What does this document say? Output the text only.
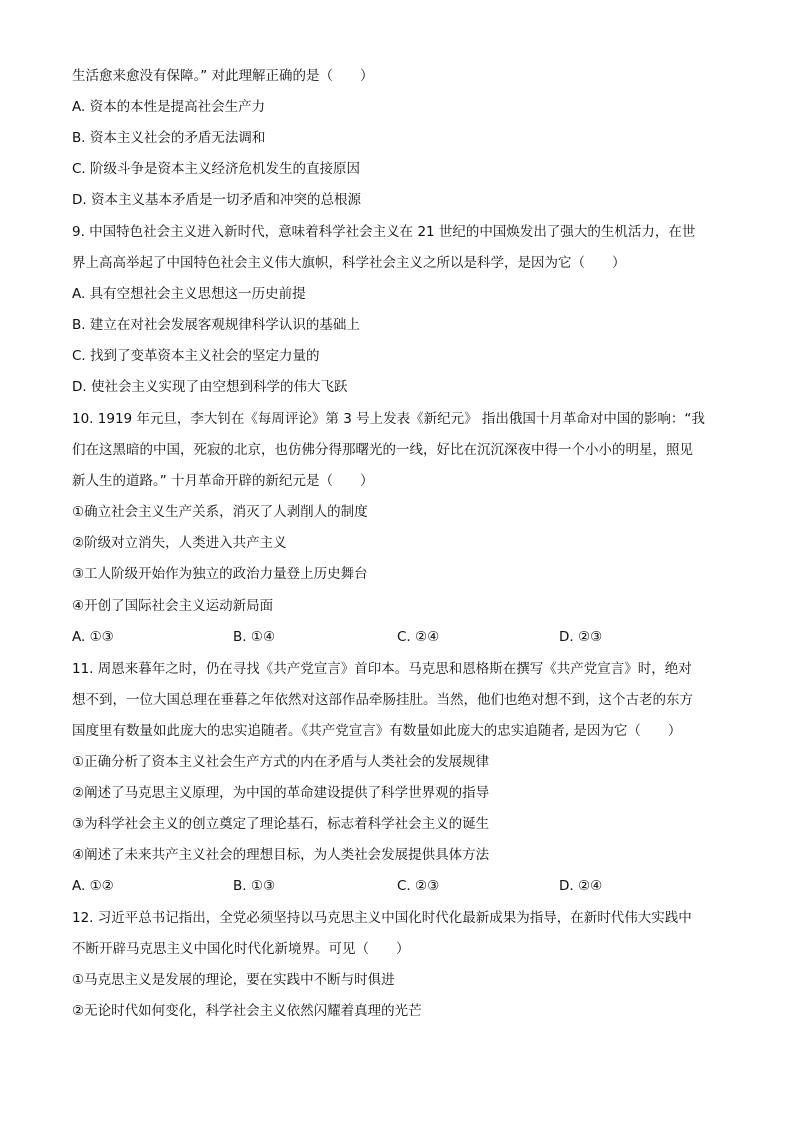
生活愈来愈没有保障。” 对此理解正确的是（　　）
A. 资本的本性是提高社会生产力
B. 资本主义社会的矛盾无法调和
C. 阶级斗争是资本主义经济危机发生的直接原因
D. 资本主义基本矛盾是一切矛盾和冲突的总根源
9. 中国特色社会主义进入新时代，意味着科学社会主义在 21 世纪的中国焕发出了强大的生机活力，在世
界上高高举起了中国特色社会主义伟大旗帜，科学社会主义之所以是科学，是因为它（　　）
A. 具有空想社会主义思想这一历史前提
B. 建立在对社会发展客观规律科学认识的基础上
C. 找到了变革资本主义社会的坚定力量的
D. 使社会主义实现了由空想到科学的伟大飞跃
10. 1919 年元旦，李大钊在《每周评论》第 3 号上发表《新纪元》 指出俄国十月革命对中国的影响：“我
们在这黑暗的中国，死寂的北京，也仿佛分得那曙光的一线，好比在沉沉深夜中得一个小小的明星，照见
新人生的道路。” 十月革命开辟的新纪元是（　　）
①确立社会主义生产关系，消灭了人剥削人的制度
②阶级对立消失，人类进入共产主义
③工人阶级开始作为独立的政治力量登上历史舞台
④开创了国际社会主义运动新局面
A. ①③	B. ①④	C. ②④	D. ②③
11. 周恩来暮年之时，仍在寻找《共产党宣言》首印本。马克思和恩格斯在撰写《共产党宣言》时，绝对
想不到，一位大国总理在垂暮之年依然对这部作品牵肠挂肚。当然，他们也绝对想不到，这个古老的东方
国度里有数量如此庞大的忠实追随者。《共产党宣言》有数量如此庞大的忠实追随者, 是因为它（　　）
①正确分析了资本主义社会生产方式的内在矛盾与人类社会的发展规律
②阐述了马克思主义原理，为中国的革命建设提供了科学世界观的指导
③为科学社会主义的创立奠定了理论基石，标志着科学社会主义的诞生
④阐述了未来共产主义社会的理想目标，为人类社会发展提供具体方法
A. ①②	B. ①③	C. ②③	D. ②④
12. 习近平总书记指出，全党必须坚持以马克思主义中国化时代化最新成果为指导，在新时代伟大实践中
不断开辟马克思主义中国化时代化新境界。可见（　　）
①马克思主义是发展的理论，要在实践中不断与时俱进
②无论时代如何变化，科学社会主义依然闪耀着真理的光芒
